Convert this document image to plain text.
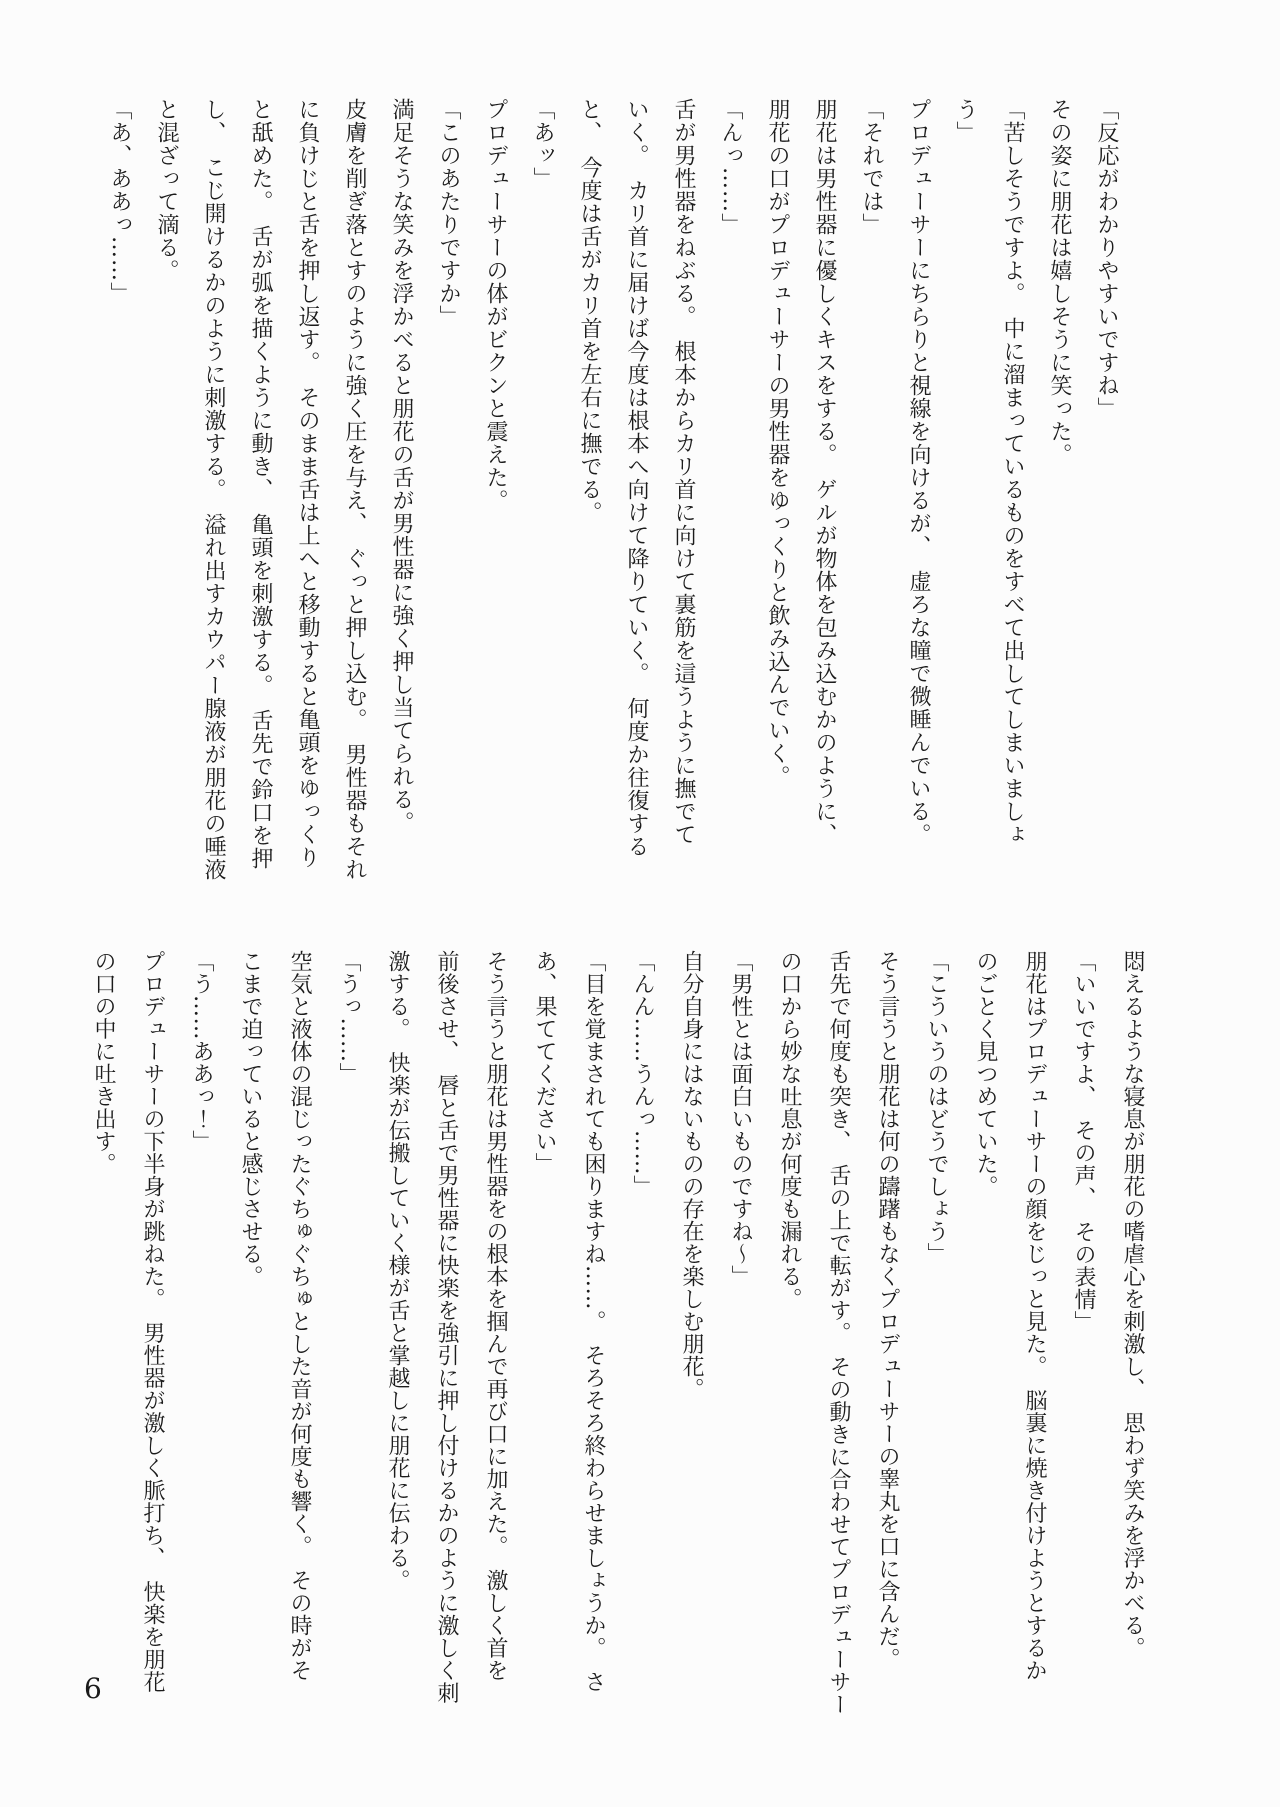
「反応がわかりやすいですね」

その姿に朋花は嬉しそうに笑った。

「苦しそうですよ。　中に溜まっているものをすべて出してしまいましょ

う」

プロデューサーにちらりと視線を向けるが、　虚ろな瞳で微睡んでいる。

「それでは」

朋花は男性器に優しくキスをする。　ゲルが物体を包み込むかのように、

朋花の口がプロデューサーの男性器をゆっくりと飲み込んでいく。

「んっ……」

舌が男性器をねぶる。　根本からカリ首に向けて裏筋を這うように撫でて

いく。　カリ首に届けば今度は根本へ向けて降りていく。　何度か往復する

と、　今度は舌がカリ首を左右に撫でる。

「あッ」

プロデューサーの体がビクンと震えた。

「このあたりですか」

満足そうな笑みを浮かべると朋花の舌が男性器に強く押し当てられる。

皮膚を削ぎ落とすのように強く圧を与え、　ぐっと押し込む。　男性器もそれ

に負けじと舌を押し返す。　そのまま舌は上へと移動すると亀頭をゆっくり

と舐めた。　舌が弧を描くように動き、　亀頭を刺激する。　舌先で鈴口を押

し、　こじ開けるかのように刺激する。　溢れ出すカウパー腺液が朋花の唾液

と混ざって滴る。

「あ、ああっ……」

悶えるような寝息が朋花の嗜虐心を刺激し、　思わず笑みを浮かべる。

「いいですよ、　その声、　その表情」

朋花はプロデューサーの顔をじっと見た。　脳裏に焼き付けようとするか

のごとく見つめていた。

「こういうのはどうでしょう」

そう言うと朋花は何の躊躇もなくプロデューサーの睾丸を口に含んだ。

舌先で何度も突き、　舌の上で転がす。　その動きに合わせてプロデューサー

の口から妙な吐息が何度も漏れる。

「男性とは面白いものですね〜」

自分自身にはないものの存在を楽しむ朋花。

「んん……うんっ……」

「目を覚まされても困りますね……。　そろそろ終わらせましょうか。　さ

あ、果ててください」

そう言うと朋花は男性器をの根本を掴んで再び口に加えた。　激しく首を

前後させ、　唇と舌で男性器に快楽を強引に押し付けるかのように激しく刺

激する。　快楽が伝搬していく様が舌と掌越しに朋花に伝わる。

「うっ……」

空気と液体の混じったぐちゅぐちゅとした音が何度も響く。　その時がそ

こまで迫っていると感じさせる。

「う……ああっ！」

プロデューサーの下半身が跳ねた。　男性器が激しく脈打ち、　快楽を朋花

の口の中に吐き出す。

6
